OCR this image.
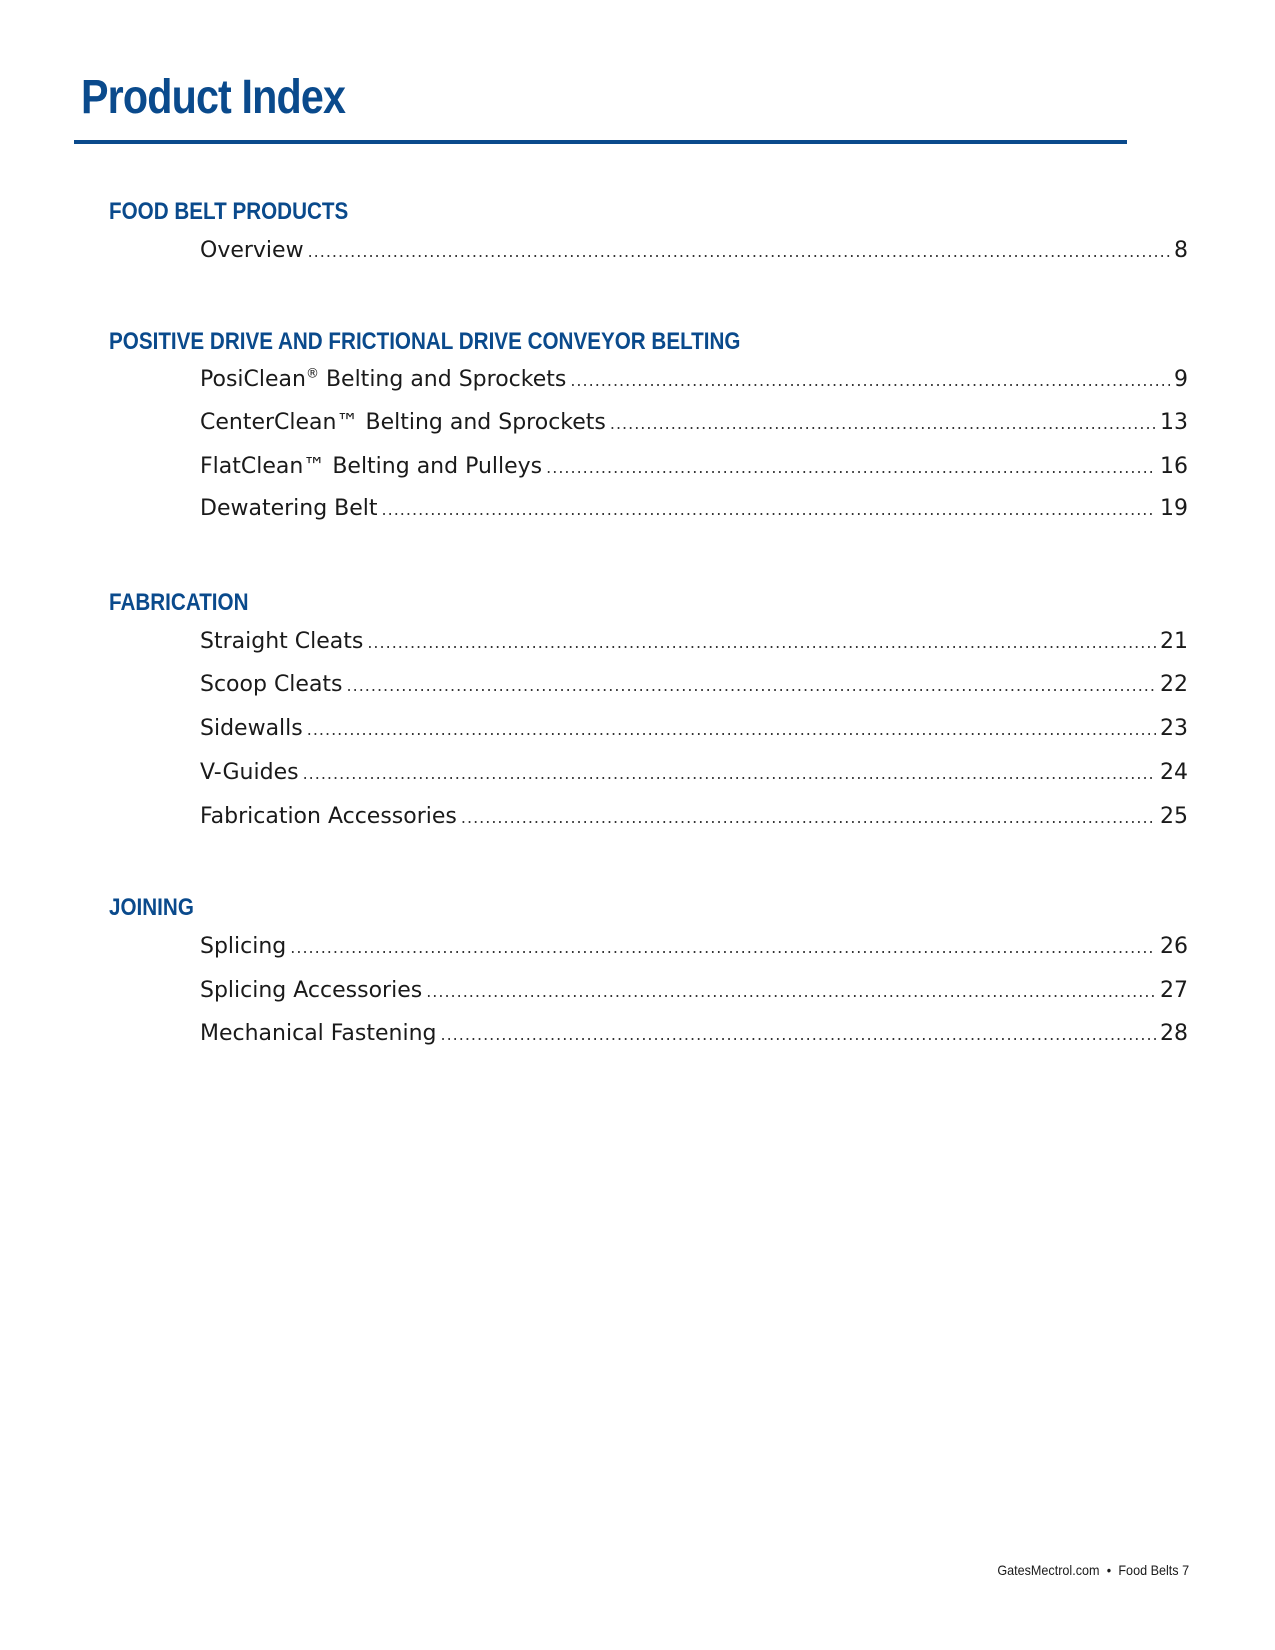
Product Index
FOOD BELT PRODUCTS
Overview .....	8
POSITIVE DRIVE AND FRICTIONAL DRIVE CONVEYOR BELTING
PosiClean® Belting and Sprockets .....	9
CenterClean™ Belting and Sprockets .....	13
FlatClean™ Belting and Pulleys .....	16
Dewatering Belt .....	19
FABRICATION
Straight Cleats .....	21
Scoop Cleats .....	22
Sidewalls .....	23
V-Guides .....	24
Fabrication Accessories .....	25
JOINING
Splicing .....	26
Splicing Accessories .....	27
Mechanical Fastening .....	28
GatesMectrol.com • Food Belts 7
